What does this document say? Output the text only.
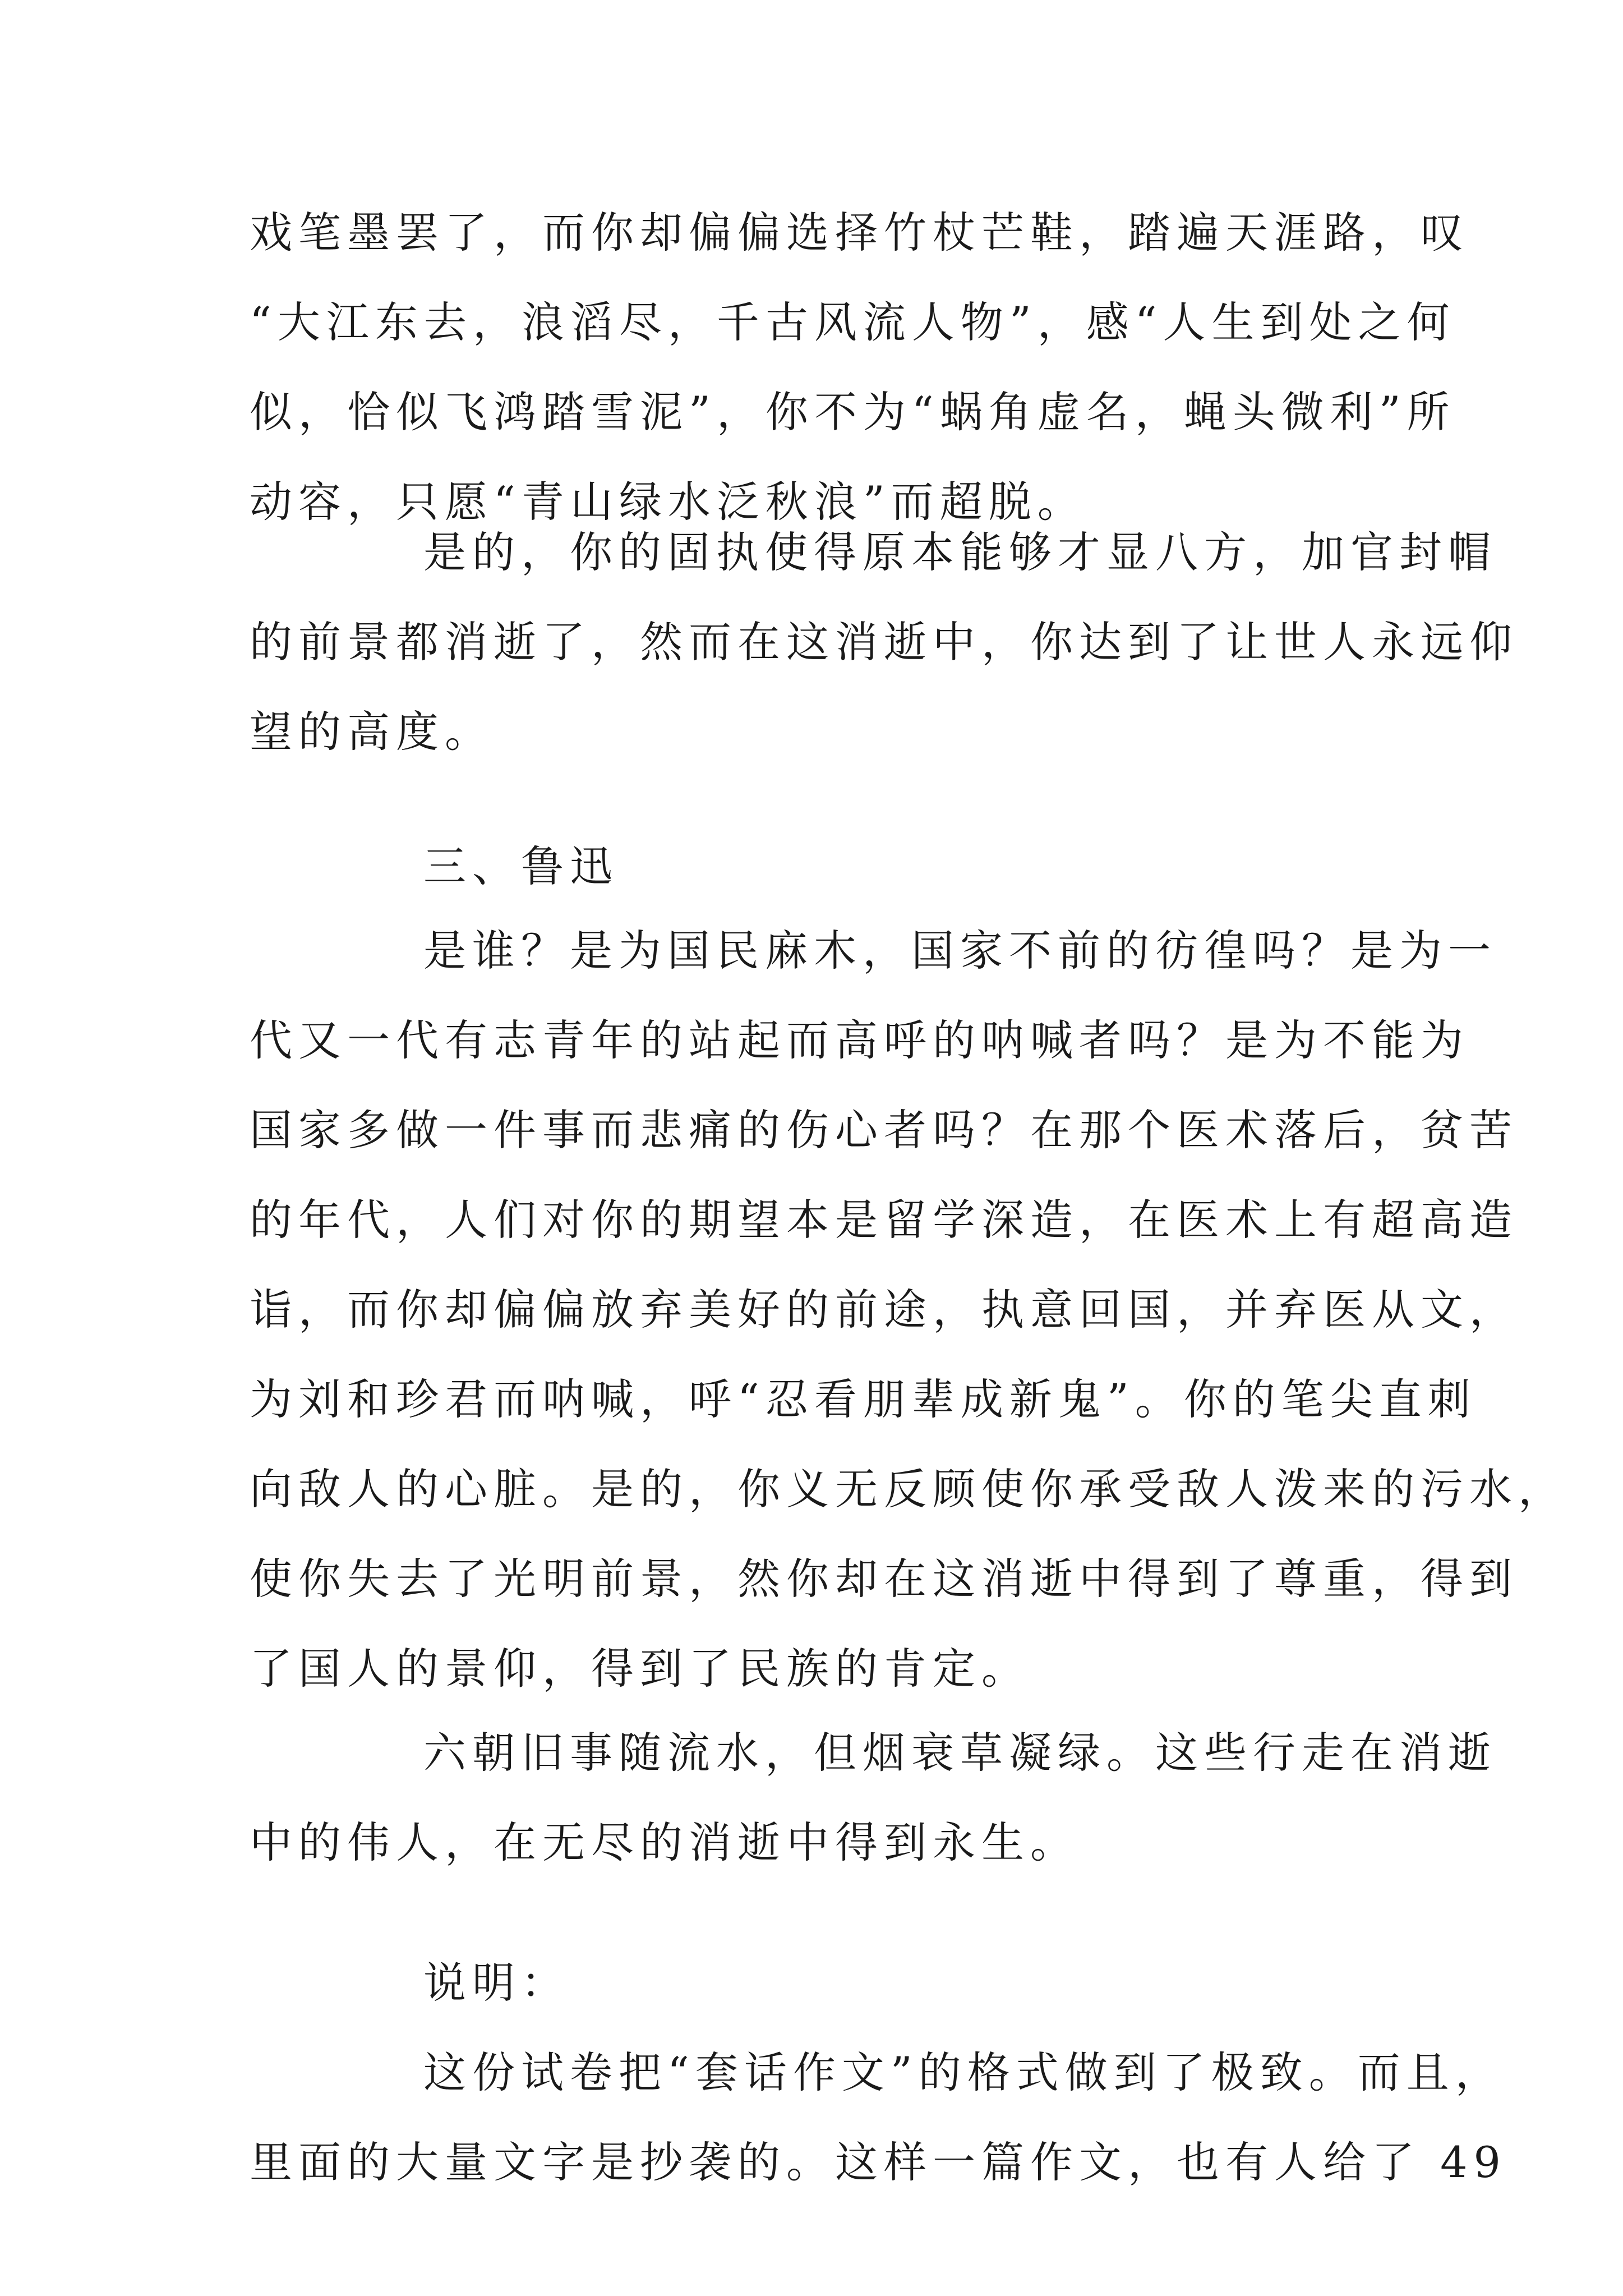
戏笔墨罢了，而你却偏偏选择竹杖芒鞋，踏遍天涯路，叹
“大江东去，浪滔尽，千古风流人物”，感“人生到处之何
似，恰似飞鸿踏雪泥”，你不为“蜗角虚名，蝇头微利”所
动容，只愿“青山绿水泛秋浪”而超脱。
是的，你的固执使得原本能够才显八方，加官封帽
的前景都消逝了，然而在这消逝中，你达到了让世人永远仰
望的高度。
三、鲁迅
是谁？是为国民麻木，国家不前的彷徨吗？是为一
代又一代有志青年的站起而高呼的呐喊者吗？是为不能为
国家多做一件事而悲痛的伤心者吗？在那个医术落后，贫苦
的年代，人们对你的期望本是留学深造，在医术上有超高造
诣，而你却偏偏放弃美好的前途，执意回国，并弃医从文，
为刘和珍君而呐喊，呼“忍看朋辈成新鬼”。你的笔尖直刺
向敌人的心脏。是的，你义无反顾使你承受敌人泼来的污水，
使你失去了光明前景，然你却在这消逝中得到了尊重，得到
了国人的景仰，得到了民族的肯定。
六朝旧事随流水，但烟衰草凝绿。这些行走在消逝
中的伟人，在无尽的消逝中得到永生。
说明：
这份试卷把“套话作文”的格式做到了极致。而且，
里面的大量文字是抄袭的。这样一篇作文，也有人给了 49
